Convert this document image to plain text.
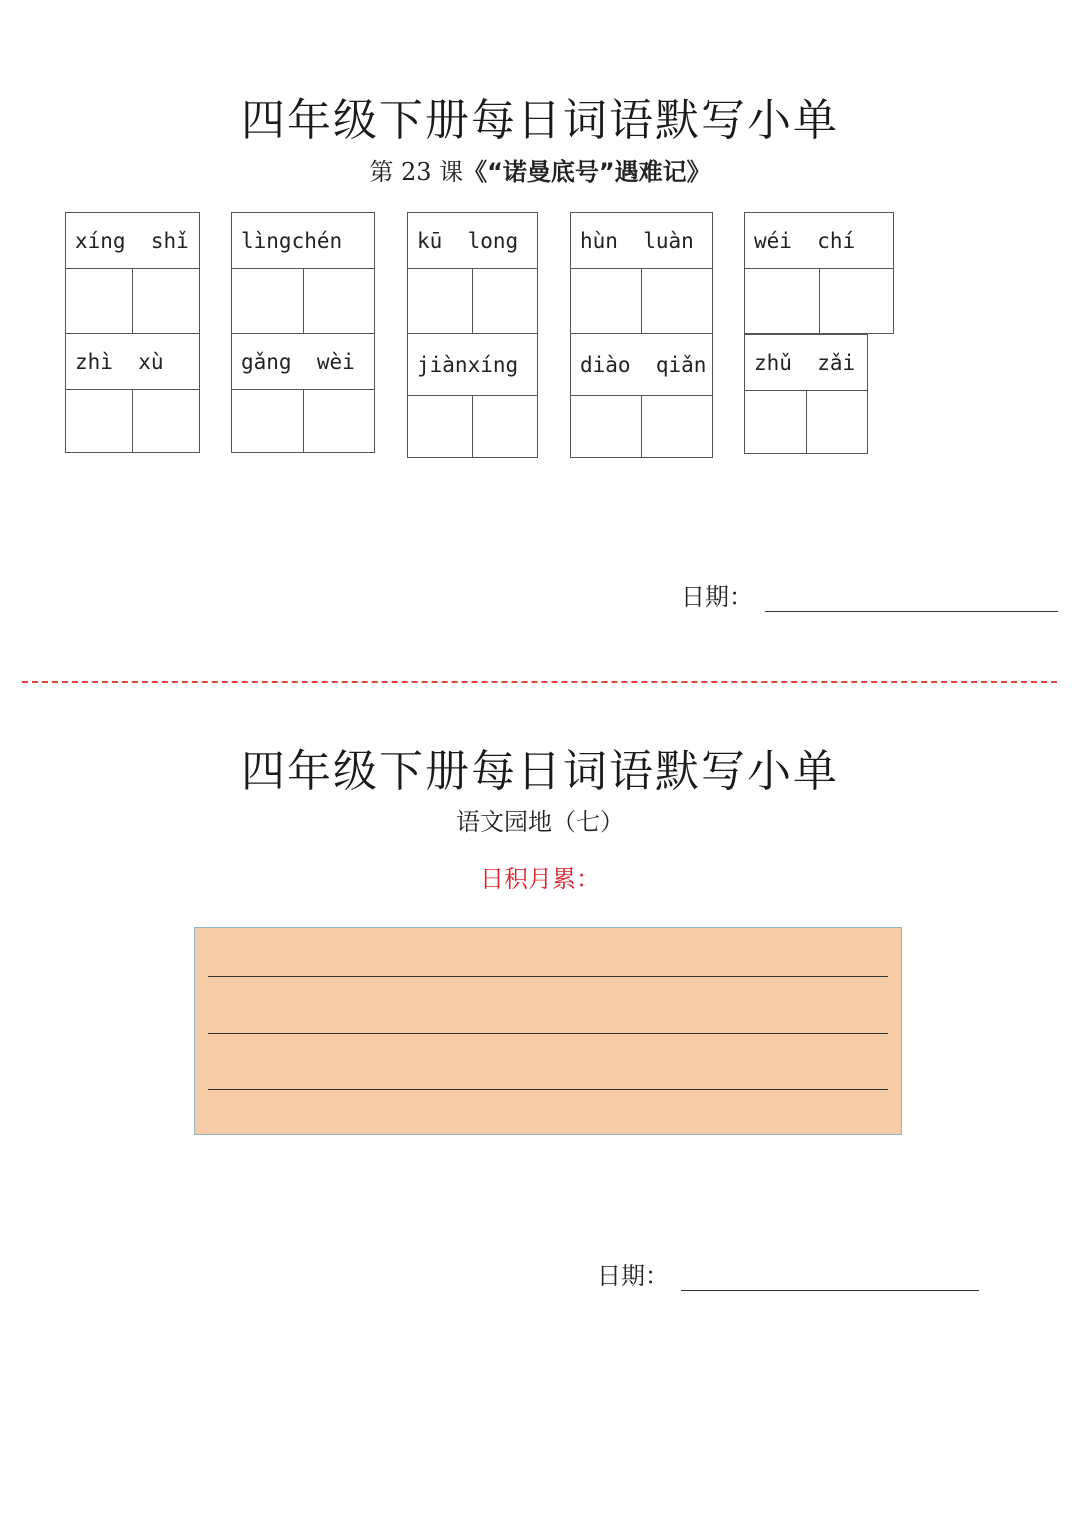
四年级下册每日词语默写小单
第 23 课《“诺曼底号”遇难记》
xíng  shǐ	lìngchén	kū  long	hùn  luàn	wéi  chí
zhì  xù	gǎng  wèi	jiànxíng	diào  qiǎn	zhǔ  zǎi
日期：
四年级下册每日词语默写小单
语文园地（七）
日积月累：
日期：
